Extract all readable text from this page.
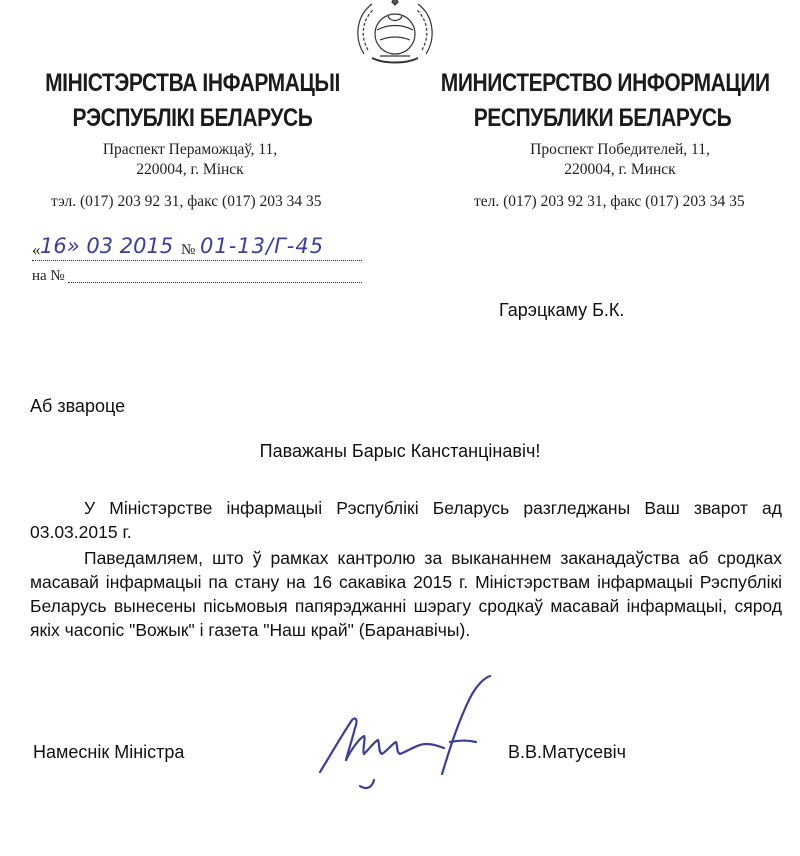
МІНІСТЭРСТВА ІНФАРМАЦЫІ
РЭСПУБЛІКІ БЕЛАРУСЬ
Праспект Пераможцаў, 11,
220004, г. Мінск
тэл. (017) 203 92 31, факс (017) 203 34 35
МИНИСТЕРСТВО ИНФОРМАЦИИ
РЕСПУБЛИКИ БЕЛАРУСЬ
Проспект Победителей, 11,
220004, г. Минск
тел. (017) 203 92 31, факс (017) 203 34 35
« 16» 03 2015 № 01-13/Г-45
на №
Гарэцкаму Б.К.
Аб звароце
Паважаны Барыс Канстанцінавіч!

У Міністэрстве інфармацыі Рэспублікі Беларусь разгледжаны Ваш зварот ад 03.03.2015 г.

Паведамляем, што ў рамках кантролю за выкананнем заканадаўства аб сродках масавай інфармацыі па стану на 16 сакавіка 2015 г. Міністэрствам інфармацыі Рэспублікі Беларусь вынесены пісьмовыя папярэджанні шэрагу сродкаў масавай інфармацыі, сярод якіх часопіс "Вожык" і газета "Наш край" (Баранавічы).

Намеснік Міністра	В.В.Матусевіч
